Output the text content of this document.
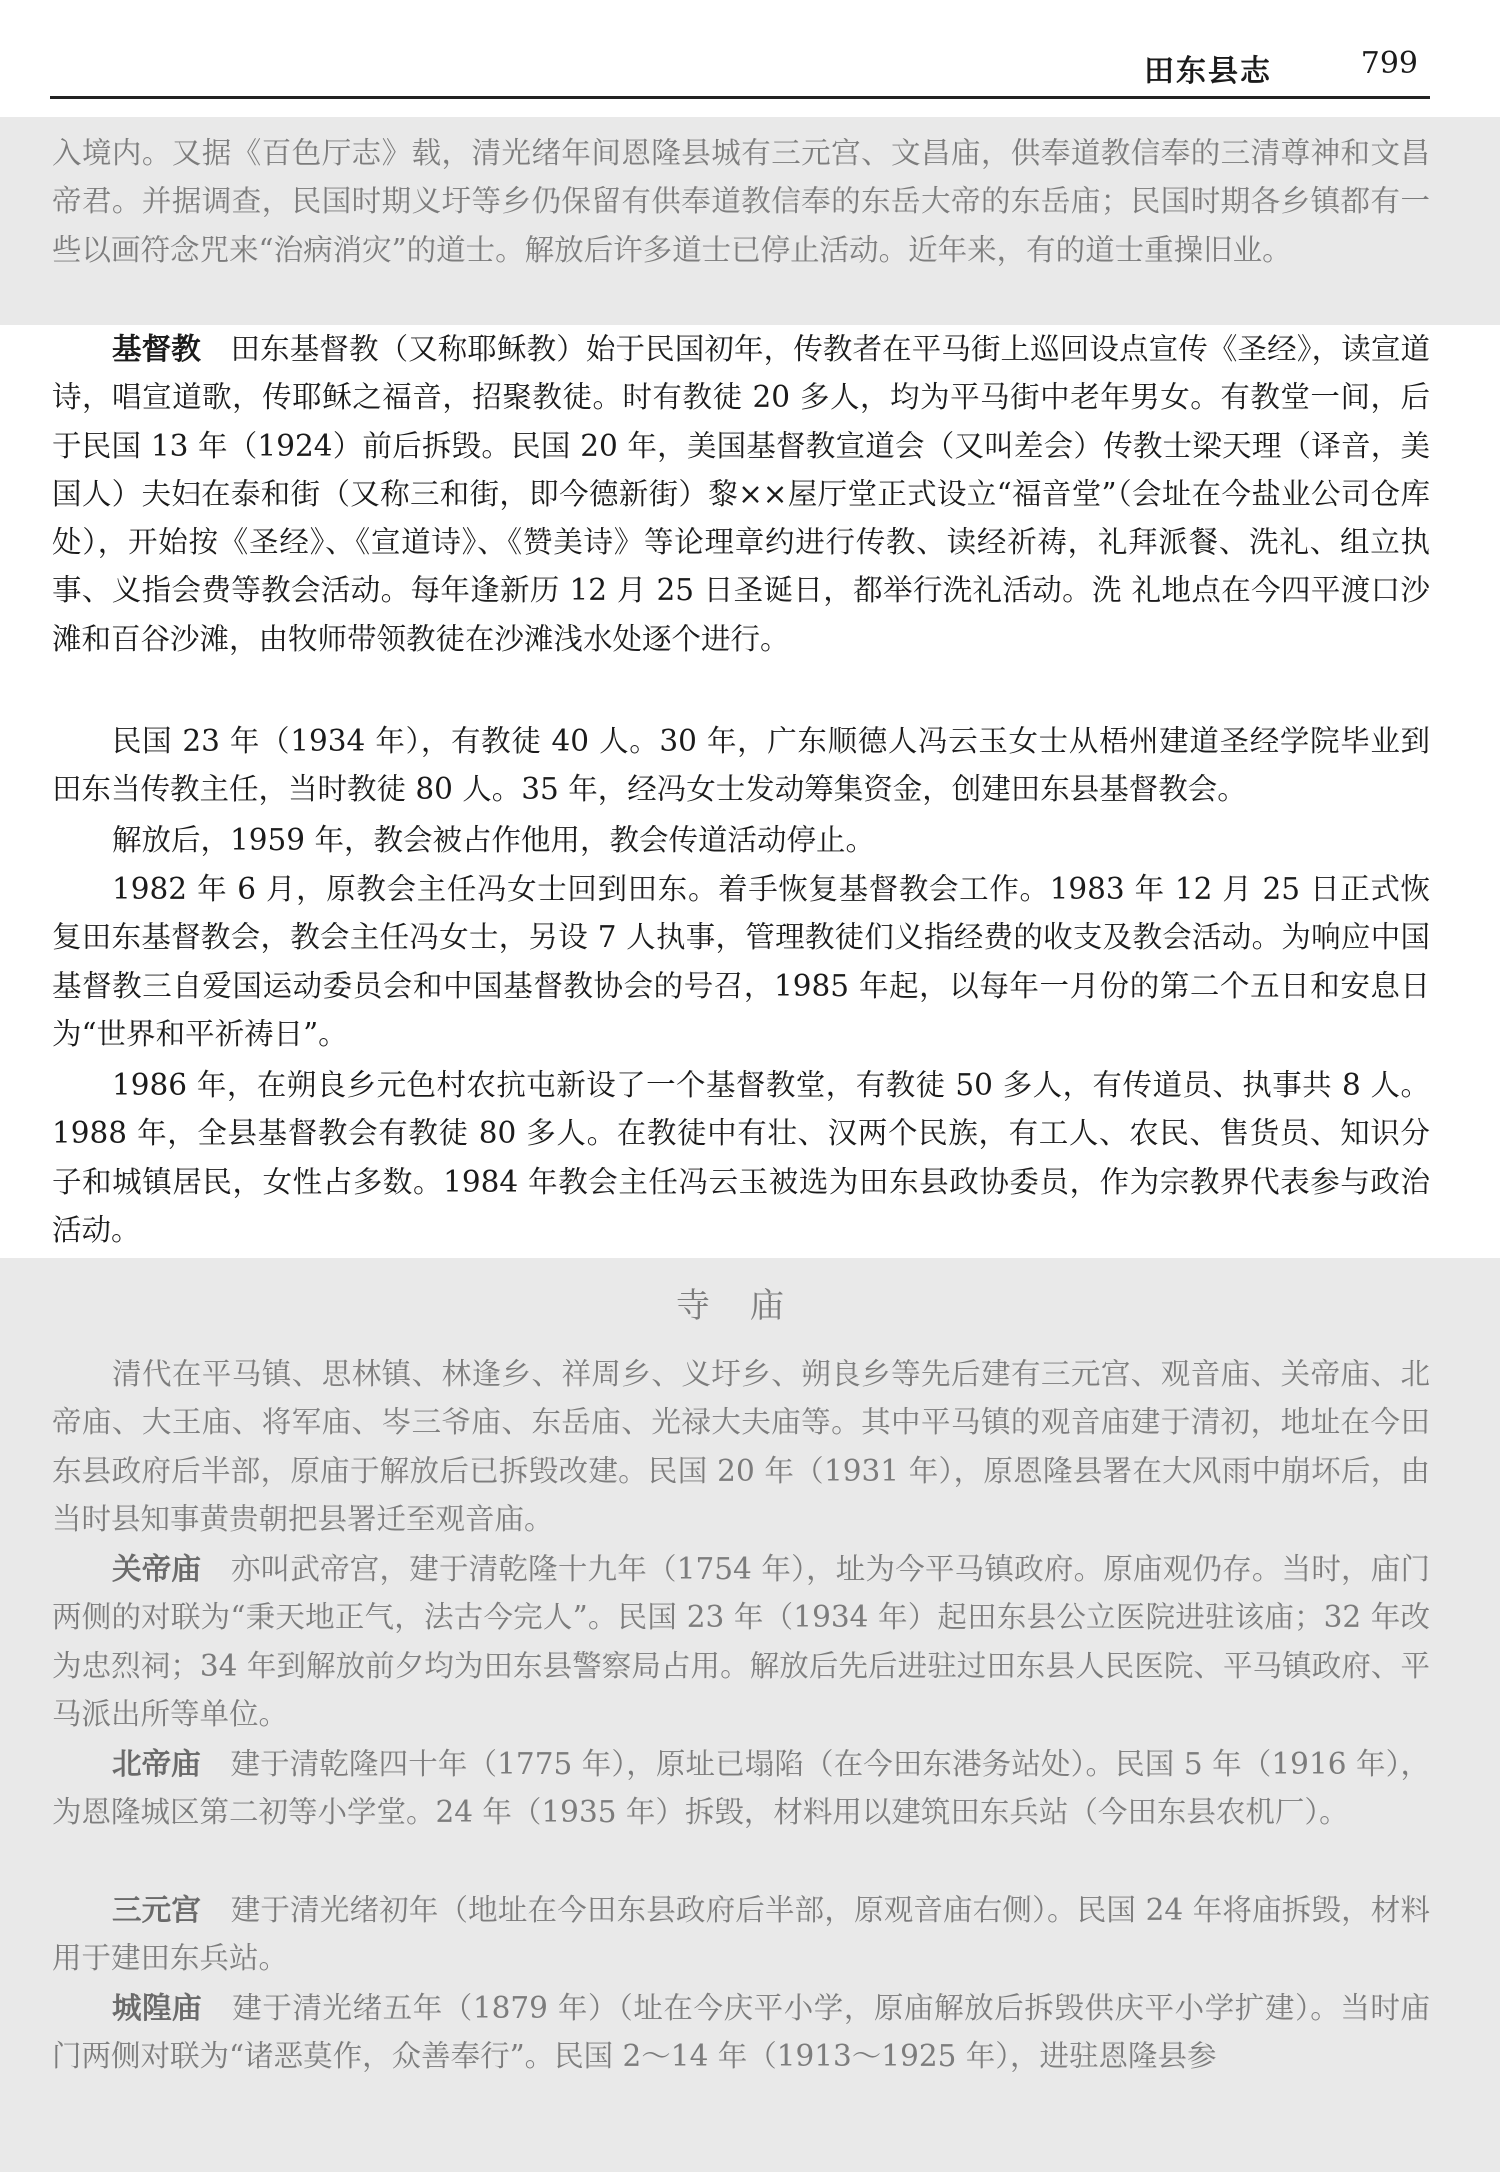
田东县志	799

入境内。又据《百色厅志》载，清光绪年间恩隆县城有三元宫、文昌庙，供奉道教信奉的三清尊神和文昌帝君。并据调查，民国时期义圩等乡仍保留有供奉道教信奉的东岳大帝的东岳庙；民国时期各乡镇都有一些以画符念咒来“治病消灾”的道士。解放后许多道士已停止活动。近年来，有的道士重操旧业。

基督教　 田东基督教（又称耶稣教）始于民国初年，传教者在平马街上巡回设点宣传《圣经》，读宣道诗，唱宣道歌，传耶稣之福音，招聚教徒。时有教徒 20 多人，均为平马街中老年男女。有教堂一间，后于民国 13 年（1924）前后拆毁。民国 20 年，美国基督教宣道会（又叫差会）传教士梁天理（译音，美国人）夫妇在泰和街（又称三和街，即今德新街）黎××屋厅堂正式设立“福音堂”（会址在今盐业公司仓库处），开始按《圣经》、《宣道诗》、《赞美诗》等论理章约进行传教、读经祈祷，礼拜派餐、洗礼、组立执事、义指会费等教会活动。每年逢新历 12 月 25 日圣诞日，都举行洗礼活动。洗 礼地点在今四平渡口沙滩和百谷沙滩，由牧师带领教徒在沙滩浅水处逐个进行。

民国 23 年（1934 年），有教徒 40 人。30 年，广东顺德人冯云玉女士从梧州建道圣经学院毕业到田东当传教主任，当时教徒 80 人。35 年，经冯女士发动筹集资金，创建田东县基督教会。

解放后，1959 年，教会被占作他用，教会传道活动停止。

1982 年 6 月，原教会主任冯女士回到田东。着手恢复基督教会工作。1983 年 12 月 25 日正式恢复田东基督教会，教会主任冯女士，另设 7 人执事，管理教徒们义指经费的收支及教会活动。为响应中国基督教三自爱国运动委员会和中国基督教协会的号召，1985 年起，以每年一月份的第二个五日和安息日为“世界和平祈祷日”。

1986 年，在朔良乡元色村农抗屯新设了一个基督教堂，有教徒 50 多人，有传道员、执事共 8 人。1988 年，全县基督教会有教徒 80 多人。在教徒中有壮、汉两个民族，有工人、农民、售货员、知识分子和城镇居民，女性占多数。1984 年教会主任冯云玉被选为田东县政协委员，作为宗教界代表参与政治活动。

寺庙

清代在平马镇、思林镇、林逢乡、祥周乡、义圩乡、朔良乡等先后建有三元宫、观音庙、关帝庙、北帝庙、大王庙、将军庙、岑三爷庙、东岳庙、光禄大夫庙等。其中平马镇的观音庙建于清初，地址在今田东县政府后半部，原庙于解放后已拆毁改建。民国 20 年（1931 年），原恩隆县署在大风雨中崩坏后，由当时县知事黄贵朝把县署迁至观音庙。

关帝庙　 亦叫武帝宫，建于清乾隆十九年（1754 年），址为今平马镇政府。原庙观仍存。当时，庙门两侧的对联为“秉天地正气，法古今完人”。民国 23 年（1934 年）起田东县公立医院进驻该庙；32 年改为忠烈祠；34 年到解放前夕均为田东县警察局占用。解放后先后进驻过田东县人民医院、平马镇政府、平马派出所等单位。

北帝庙　 建于清乾隆四十年（1775 年），原址已塌陷（在今田东港务站处）。民国 5 年（1916 年），为恩隆城区第二初等小学堂。24 年（1935 年）拆毁，材料用以建筑田东兵站（今田东县农机厂）。

三元宫　 建于清光绪初年（地址在今田东县政府后半部，原观音庙右侧）。民国 24 年将庙拆毁，材料用于建田东兵站。

城隍庙　 建于清光绪五年（1879 年）（址在今庆平小学，原庙解放后拆毁供庆平小学扩建）。当时庙门两侧对联为“诸恶莫作，众善奉行”。民国 2～14 年（1913～1925 年），进驻恩隆县参
